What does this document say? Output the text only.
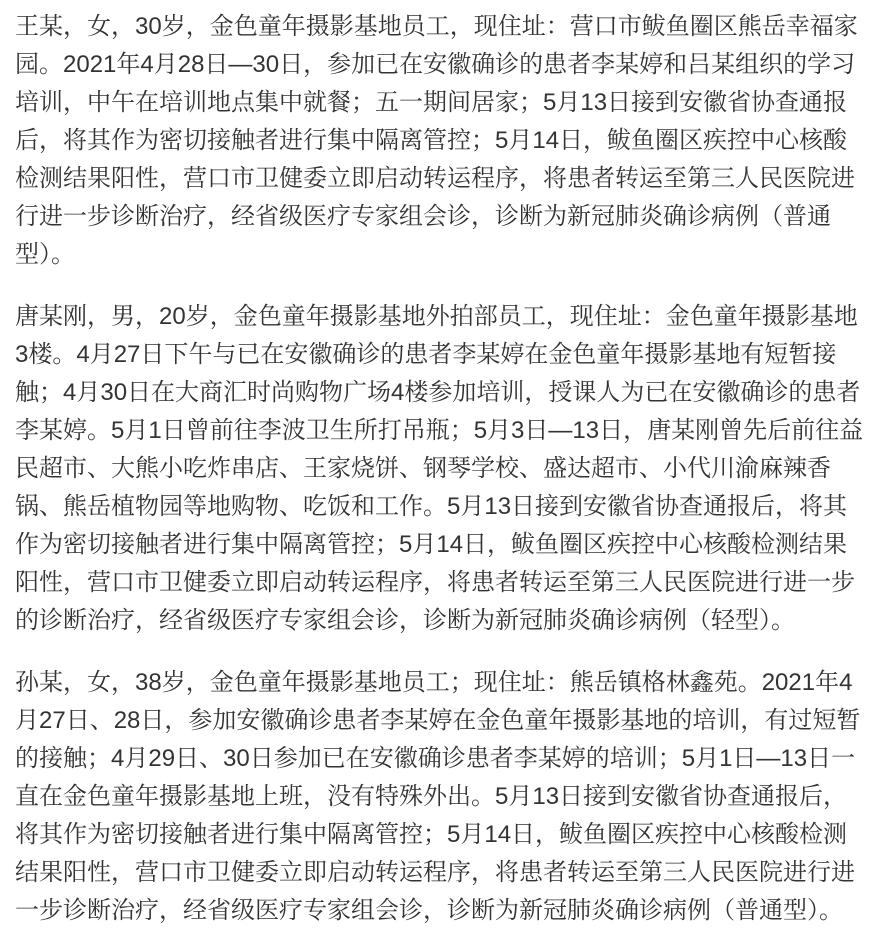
王某，女，30岁，金色童年摄影基地员工，现住址：营口市鲅鱼圈区熊岳幸福家园。2021年4月28日—30日，参加已在安徽确诊的患者李某婷和吕某组织的学习培训，中午在培训地点集中就餐；五一期间居家；5月13日接到安徽省协查通报后，将其作为密切接触者进行集中隔离管控；5月14日，鲅鱼圈区疾控中心核酸检测结果阳性，营口市卫健委立即启动转运程序，将患者转运至第三人民医院进行进一步诊断治疗，经省级医疗专家组会诊，诊断为新冠肺炎确诊病例（普通型）。

唐某刚，男，20岁，金色童年摄影基地外拍部员工，现住址：金色童年摄影基地3楼。4月27日下午与已在安徽确诊的患者李某婷在金色童年摄影基地有短暂接触；4月30日在大商汇时尚购物广场4楼参加培训，授课人为已在安徽确诊的患者李某婷。5月1日曾前往李波卫生所打吊瓶；5月3日—13日，唐某刚曾先后前往益民超市、大熊小吃炸串店、王家烧饼、钢琴学校、盛达超市、小代川渝麻辣香锅、熊岳植物园等地购物、吃饭和工作。5月13日接到安徽省协查通报后，将其作为密切接触者进行集中隔离管控；5月14日，鲅鱼圈区疾控中心核酸检测结果阳性，营口市卫健委立即启动转运程序，将患者转运至第三人民医院进行进一步的诊断治疗，经省级医疗专家组会诊，诊断为新冠肺炎确诊病例（轻型）。

孙某，女，38岁，金色童年摄影基地员工；现住址：熊岳镇格林鑫苑。2021年4月27日、28日，参加安徽确诊患者李某婷在金色童年摄影基地的培训，有过短暂的接触；4月29日、30日参加已在安徽确诊患者李某婷的培训；5月1日—13日一直在金色童年摄影基地上班，没有特殊外出。5月13日接到安徽省协查通报后，将其作为密切接触者进行集中隔离管控；5月14日，鲅鱼圈区疾控中心核酸检测结果阳性，营口市卫健委立即启动转运程序，将患者转运至第三人民医院进行进一步诊断治疗，经省级医疗专家组会诊，诊断为新冠肺炎确诊病例（普通型）。
